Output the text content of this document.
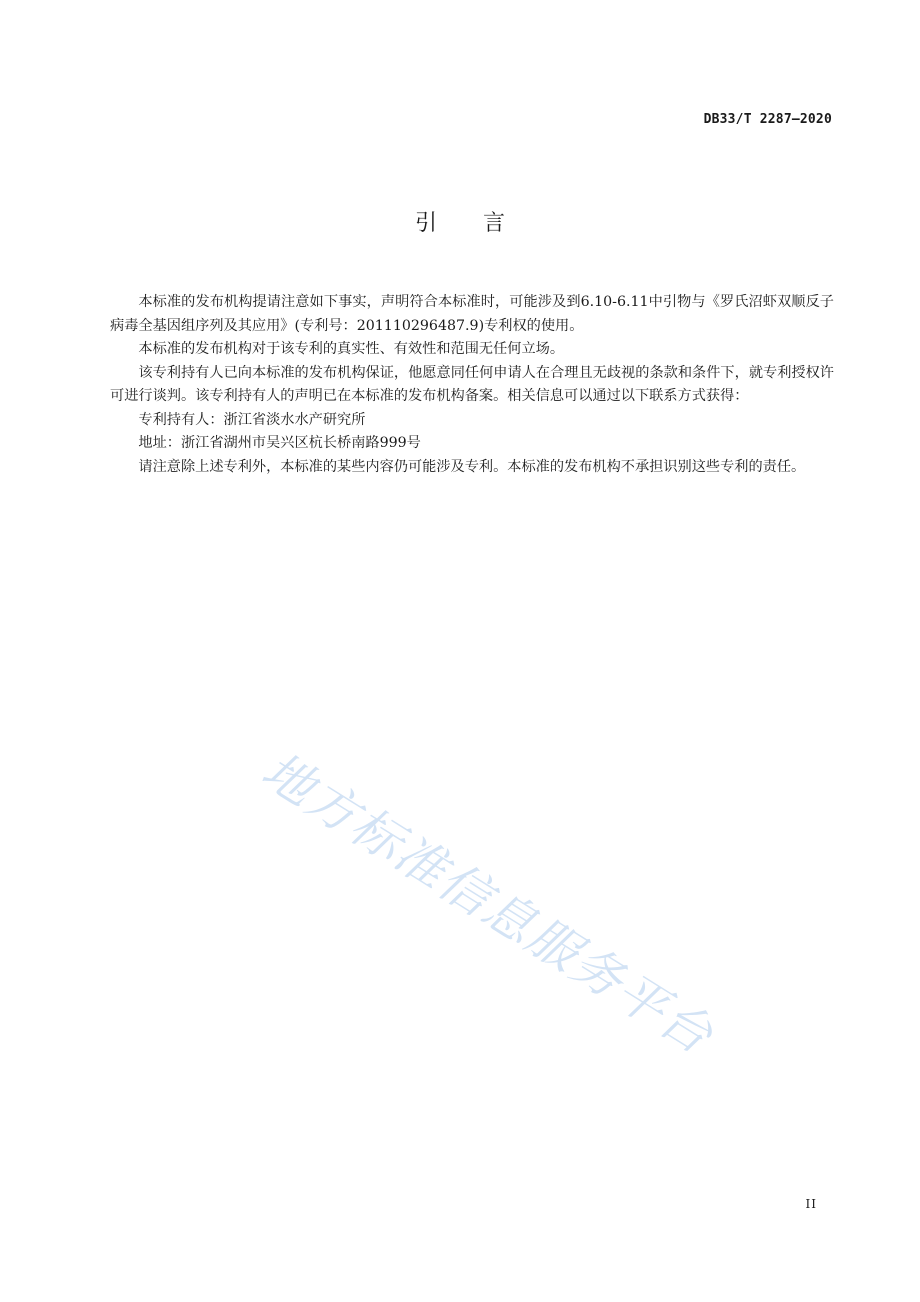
DB33/T 2287—2020
引 言

本标准的发布机构提请注意如下事实，声明符合本标准时，可能涉及到6.10-6.11中引物与《罗氏沼虾双顺反子病毒全基因组序列及其应用》(专利号：201110296487.9)专利权的使用。

本标准的发布机构对于该专利的真实性、有效性和范围无任何立场。

该专利持有人已向本标准的发布机构保证，他愿意同任何申请人在合理且无歧视的条款和条件下，就专利授权许可进行谈判。该专利持有人的声明已在本标准的发布机构备案。相关信息可以通过以下联系方式获得：

专利持有人：浙江省淡水水产研究所

地址：浙江省湖州市吴兴区杭长桥南路999号

请注意除上述专利外，本标准的某些内容仍可能涉及专利。本标准的发布机构不承担识别这些专利的责任。

地方标准信息服务平台
II
